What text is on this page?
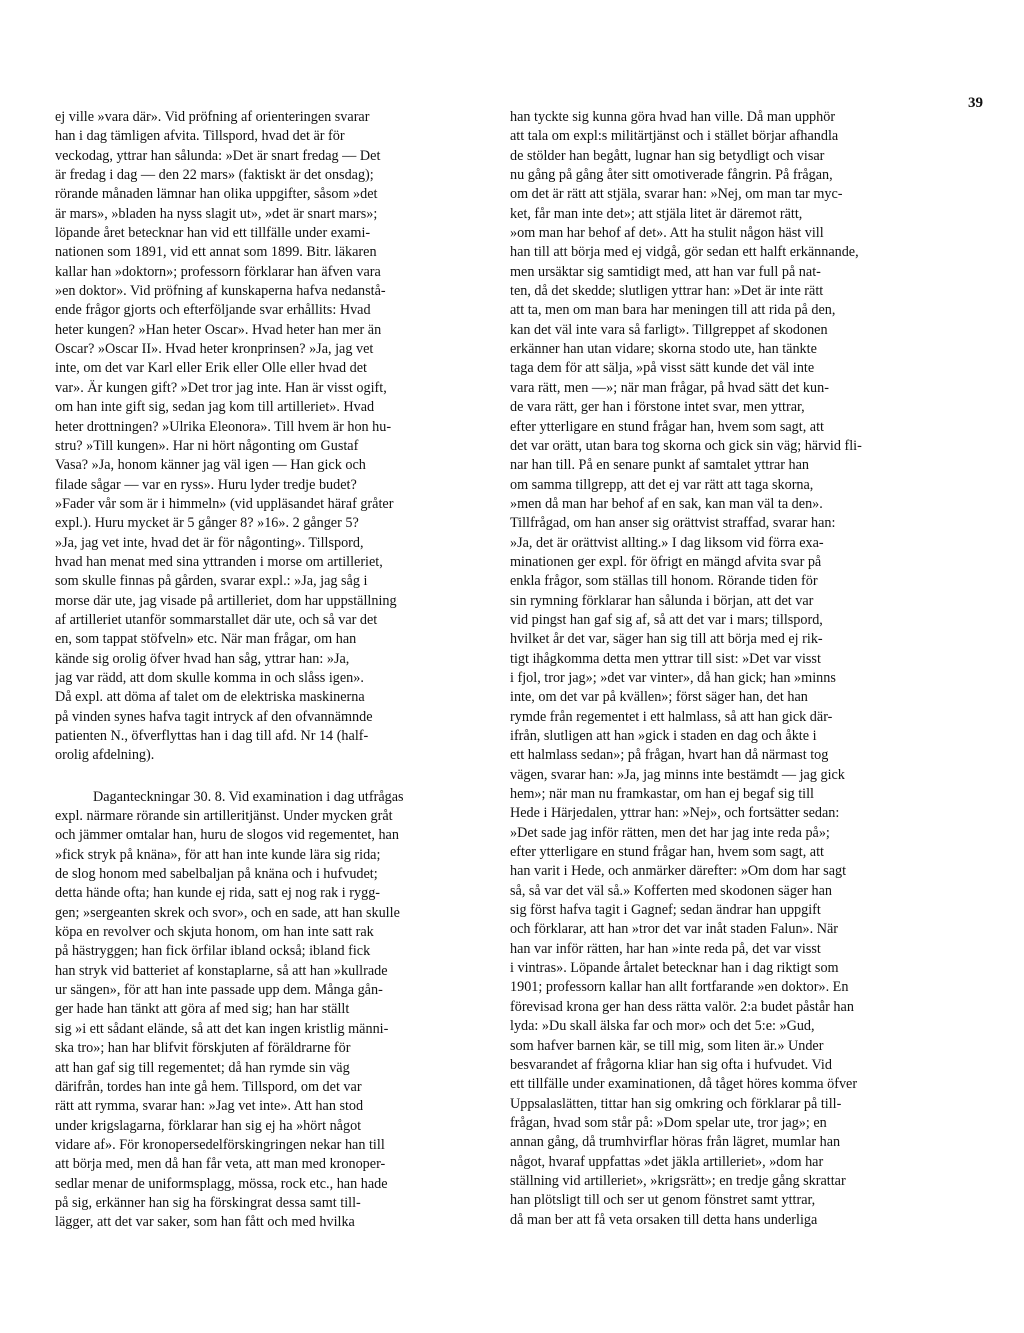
39
ej ville »vara där». Vid pröfning af orienteringen svarar
han i dag tämligen afvita. Tillspord, hvad det är för
veckodag, yttrar han sålunda: »Det är snart fredag — Det
är fredag i dag — den 22 mars» (faktiskt är det onsdag);
rörande månaden lämnar han olika uppgifter, såsom »det
är mars», »bladen ha nyss slagit ut», »det är snart mars»;
löpande året betecknar han vid ett tillfälle under exami-
nationen som 1891, vid ett annat som 1899. Bitr. läkaren
kallar han »doktorn»; professorn förklarar han äfven vara
»en doktor». Vid pröfning af kunskaperna hafva nedanstå-
ende frågor gjorts och efterföljande svar erhållits: Hvad
heter kungen? »Han heter Oscar». Hvad heter han mer än
Oscar? »Oscar II». Hvad heter kronprinsen? »Ja, jag vet
inte, om det var Karl eller Erik eller Olle eller hvad det
var». Är kungen gift? »Det tror jag inte. Han är visst ogift,
om han inte gift sig, sedan jag kom till artilleriet». Hvad
heter drottningen? »Ulrika Eleonora». Till hvem är hon hu-
stru? »Till kungen». Har ni hört någonting om Gustaf
Vasa? »Ja, honom känner jag väl igen — Han gick och
filade sågar — var en ryss». Huru lyder tredje budet?
»Fader vår som är i himmeln» (vid uppläsandet häraf gråter
expl.). Huru mycket är 5 gånger 8? »16». 2 gånger 5?
»Ja, jag vet inte, hvad det är för någonting». Tillspord,
hvad han menat med sina yttranden i morse om artilleriet,
som skulle finnas på gården, svarar expl.: »Ja, jag såg i
morse där ute, jag visade på artilleriet, dom har uppställning
af artilleriet utanför sommarstallet där ute, och så var det
en, som tappat stöfveln» etc. När man frågar, om han
kände sig orolig öfver hvad han såg, yttrar han: »Ja,
jag var rädd, att dom skulle komma in och slåss igen».
Då expl. att döma af talet om de elektriska maskinerna
på vinden synes hafva tagit intryck af den ofvannämnde
patienten N., öfverflyttas han i dag till afd. Nr 14 (half-
orolig afdelning).
Daganteckningar 30. 8. Vid examination i dag utfrågas
expl. närmare rörande sin artilleritjänst. Under mycken gråt
och jämmer omtalar han, huru de slogos vid regementet, han
»fick stryk på knäna», för att han inte kunde lära sig rida;
de slog honom med sabelbaljan på knäna och i hufvudet;
detta hände ofta; han kunde ej rida, satt ej nog rak i rygg-
gen; »sergeanten skrek och svor», och en sade, att han skulle
köpa en revolver och skjuta honom, om han inte satt rak
på hästryggen; han fick örfilar ibland också; ibland fick
han stryk vid batteriet af konstaplarne, så att han »kullrade
ur sängen», för att han inte passade upp dem. Många gån-
ger hade han tänkt att göra af med sig; han har ställt
sig »i ett sådant elände, så att det kan ingen kristlig männi-
ska tro»; han har blifvit förskjuten af föräldrarne för
att han gaf sig till regementet; då han rymde sin väg
därifrån, tordes han inte gå hem. Tillspord, om det var
rätt att rymma, svarar han: »Jag vet inte». Att han stod
under krigslagarna, förklarar han sig ej ha »hört något
vidare af». För kronopersedelförskingringen nekar han till
att börja med, men då han får veta, att man med kronoper-
sedlar menar de uniformsplagg, mössa, rock etc., han hade
på sig, erkänner han sig ha förskingrat dessa samt till-
lägger, att det var saker, som han fått och med hvilka
han tyckte sig kunna göra hvad han ville. Då man upphör
att tala om expl:s militärtjänst och i stället börjar afhandla
de stölder han begått, lugnar han sig betydligt och visar
nu gång på gång åter sitt omotiverade fångrin. På frågan,
om det är rätt att stjäla, svarar han: »Nej, om man tar myc-
ket, får man inte det»; att stjäla litet är däremot rätt,
»om man har behof af det». Att ha stulit någon häst vill
han till att börja med ej vidgå, gör sedan ett halft erkännande,
men ursäktar sig samtidigt med, att han var full på nat-
ten, då det skedde; slutligen yttrar han: »Det är inte rätt
att ta, men om man bara har meningen till att rida på den,
kan det väl inte vara så farligt». Tillgreppet af skodonen
erkänner han utan vidare; skorna stodo ute, han tänkte
taga dem för att sälja, »på visst sätt kunde det väl inte
vara rätt, men —»; när man frågar, på hvad sätt det kun-
de vara rätt, ger han i förstone intet svar, men yttrar,
efter ytterligare en stund frågar han, hvem som sagt, att
det var orätt, utan bara tog skorna och gick sin väg; härvid fli-
nar han till. På en senare punkt af samtalet yttrar han
om samma tillgrepp, att det ej var rätt att taga skorna,
»men då man har behof af en sak, kan man väl ta den».
Tillfrågad, om han anser sig orättvist straffad, svarar han:
»Ja, det är orättvist allting.» I dag liksom vid förra exa-
minationen ger expl. för öfrigt en mängd afvita svar på
enkla frågor, som ställas till honom. Rörande tiden för
sin rymning förklarar han sålunda i början, att det var
vid pingst han gaf sig af, så att det var i mars; tillspord,
hvilket år det var, säger han sig till att börja med ej rik-
tigt ihågkomma detta men yttrar till sist: »Det var visst
i fjol, tror jag»; »det var vinter», då han gick; han »minns
inte, om det var på kvällen»; först säger han, det han
rymde från regementet i ett halmlass, så att han gick där-
ifrån, slutligen att han »gick i staden en dag och åkte i
ett halmlass sedan»; på frågan, hvart han då närmast tog
vägen, svarar han: »Ja, jag minns inte bestämdt — jag gick
hem»; när man nu framkastar, om han ej begaf sig till
Hede i Härjedalen, yttrar han: »Nej», och fortsätter sedan:
»Det sade jag inför rätten, men det har jag inte reda på»;
efter ytterligare en stund frågar han, hvem som sagt, att
han varit i Hede, och anmärker därefter: »Om dom har sagt
så, så var det väl så.» Kofferten med skodonen säger han
sig först hafva tagit i Gagnef; sedan ändrar han uppgift
och förklarar, att han »tror det var inåt staden Falun». När
han var inför rätten, har han »inte reda på, det var visst
i vintras». Löpande årtalet betecknar han i dag riktigt som
1901; professorn kallar han allt fortfarande »en doktor». En
förevisad krona ger han dess rätta valör. 2:a budet påstår han
lyda: »Du skall älska far och mor» och det 5:e: »Gud,
som hafver barnen kär, se till mig, som liten är.» Under
besvarandet af frågorna kliar han sig ofta i hufvudet. Vid
ett tillfälle under examinationen, då tåget höres komma öfver
Uppsalaslätten, tittar han sig omkring och förklarar på till-
frågan, hvad som står på: »Dom spelar ute, tror jag»; en
annan gång, då trumhvirflar höras från lägret, mumlar han
något, hvaraf uppfattas »det jäkla artilleriet», »dom har
ställning vid artilleriet», »krigsrätt»; en tredje gång skrattar
han plötsligt till och ser ut genom fönstret samt yttrar,
då man ber att få veta orsaken till detta hans underliga
